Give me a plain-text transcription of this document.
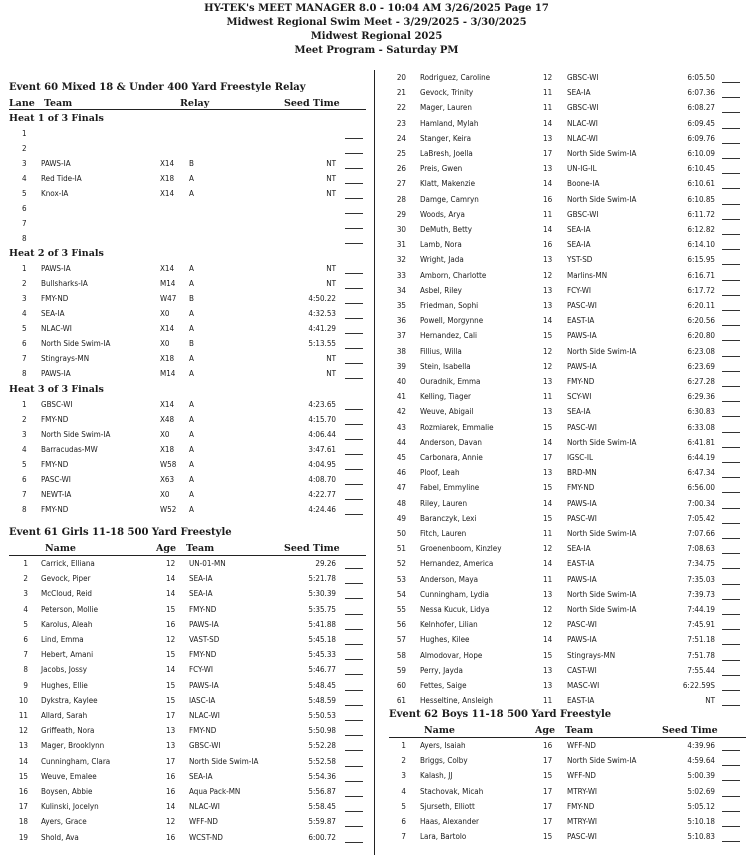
HY-TEK's MEET MANAGER 8.0 - 10:04 AM 3/26/2025 Page 17
Midwest Regional Swim Meet - 3/29/2025 - 3/30/2025
Midwest Regional 2025
Meet Program - Saturday PM
Event 60 Mixed 18 & Under 400 Yard Freestyle Relay
Lane Team	Relay	Seed Time
Heat 1 of 3 Finals
1
2
3 PAWS-IA	X14 B	NT
4 Red Tide-IA	X18 A	NT
5 Knox-IA	X14 A	NT
6
7
8
Heat 2 of 3 Finals
1 PAWS-IA	X14 A	NT
2 Bullsharks-IA	M14 A	NT
3 FMY-ND	W47 B	4:50.22
4 SEA-IA	X0 A	4:32.53
5 NLAC-WI	X14 A	4:41.29
6 North Side Swim-IA	X0 B	5:13.55
7 Stingrays-MN	X18 A	NT
8 PAWS-IA	M14 A	NT
Heat 3 of 3 Finals
1 GBSC-WI	X14 A	4:23.65
2 FMY-ND	X48 A	4:15.70
3 North Side Swim-IA	X0 A	4:06.44
4 Barracudas-MW	X18 A	3:47.61
5 FMY-ND	W58 A	4:04.95
6 PASC-WI	X63 A	4:08.70
7 NEWT-IA	X0 A	4:22.77
8 FMY-ND	W52 A	4:24.46
Event 61 Girls 11-18 500 Yard Freestyle
Name	Age Team	Seed Time
1 Carrick, Elliana	12 UN-01-MN	29.26
2 Gevock, Piper	14 SEA-IA	5:21.78
3 McCloud, Reid	14 SEA-IA	5:30.39
4 Peterson, Mollie	15 FMY-ND	5:35.75
5 Karolus, Aleah	16 PAWS-IA	5:41.88
6 Lind, Emma	12 VAST-SD	5:45.18
7 Hebert, Amani	15 FMY-ND	5:45.33
8 Jacobs, Jossy	14 FCY-WI	5:46.77
9 Hughes, Ellie	15 PAWS-IA	5:48.45
10 Dykstra, Kaylee	15 IASC-IA	5:48.59
11 Allard, Sarah	17 NLAC-WI	5:50.53
12 Griffeath, Nora	13 FMY-ND	5:50.98
13 Mager, Brooklynn	13 GBSC-WI	5:52.28
14 Cunningham, Clara	17 North Side Swim-IA	5:52.58
15 Weuve, Emalee	16 SEA-IA	5:54.36
16 Boysen, Abbie	16 Aqua Pack-MN	5:56.87
17 Kulinski, Jocelyn	14 NLAC-WI	5:58.45
18 Ayers, Grace	12 WFF-ND	5:59.87
19 Shold, Ava	16 WCST-ND	6:00.72
20 Rodriguez, Caroline	12 GBSC-WI	6:05.50
21 Gevock, Trinity	11 SEA-IA	6:07.36
22 Mager, Lauren	11 GBSC-WI	6:08.27
23 Hamland, Mylah	14 NLAC-WI	6:09.45
24 Stanger, Keira	13 NLAC-WI	6:09.76
25 LaBresh, Joella	17 North Side Swim-IA	6:10.09
26 Preis, Gwen	13 UN-IG-IL	6:10.45
27 Klatt, Makenzie	14 Boone-IA	6:10.61
28 Damge, Camryn	16 North Side Swim-IA	6:10.85
29 Woods, Arya	11 GBSC-WI	6:11.72
30 DeMuth, Betty	14 SEA-IA	6:12.82
31 Lamb, Nora	16 SEA-IA	6:14.10
32 Wright, Jada	13 YST-SD	6:15.95
33 Amborn, Charlotte	12 Marlins-MN	6:16.71
34 Asbel, Riley	13 FCY-WI	6:17.72
35 Friedman, Sophi	13 PASC-WI	6:20.11
36 Powell, Morgynne	14 EAST-IA	6:20.56
37 Hernandez, Cali	15 PAWS-IA	6:20.80
38 Fillius, Willa	12 North Side Swim-IA	6:23.08
39 Stein, Isabella	12 PAWS-IA	6:23.69
40 Ouradnik, Emma	13 FMY-ND	6:27.28
41 Kelling, Tiager	11 SCY-WI	6:29.36
42 Weuve, Abigail	13 SEA-IA	6:30.83
43 Rozmiarek, Emmalie	15 PASC-WI	6:33.08
44 Anderson, Davan	14 North Side Swim-IA	6:41.81
45 Carbonara, Annie	17 IGSC-IL	6:44.19
46 Ploof, Leah	13 BRD-MN	6:47.34
47 Fabel, Emmyline	15 FMY-ND	6:56.00
48 Riley, Lauren	14 PAWS-IA	7:00.34
49 Baranczyk, Lexi	15 PASC-WI	7:05.42
50 Fitch, Lauren	11 North Side Swim-IA	7:07.66
51 Groenenboom, Kinzley	12 SEA-IA	7:08.63
52 Hernandez, America	14 EAST-IA	7:34.75
53 Anderson, Maya	11 PAWS-IA	7:35.03
54 Cunningham, Lydia	13 North Side Swim-IA	7:39.73
55 Nessa Kucuk, Lidya	12 North Side Swim-IA	7:44.19
56 Kelnhofer, Lilian	12 PASC-WI	7:45.91
57 Hughes, Kilee	14 PAWS-IA	7:51.18
58 Almodovar, Hope	15 Stingrays-MN	7:51.78
59 Perry, Jayda	13 CAST-WI	7:55.44
60 Fettes, Saige	13 MASC-WI	6:22.59S
61 Hesseltine, Ansleigh	11 EAST-IA	NT
Event 62 Boys 11-18 500 Yard Freestyle
Name	Age Team	Seed Time
1 Ayers, Isaiah	16 WFF-ND	4:39.96
2 Briggs, Colby	17 North Side Swim-IA	4:59.64
3 Kalash, JJ	15 WFF-ND	5:00.39
4 Stachovak, Micah	17 MTRY-WI	5:02.69
5 Sjurseth, Elliott	17 FMY-ND	5:05.12
6 Haas, Alexander	17 MTRY-WI	5:10.18
7 Lara, Bartolo	15 PASC-WI	5:10.83
